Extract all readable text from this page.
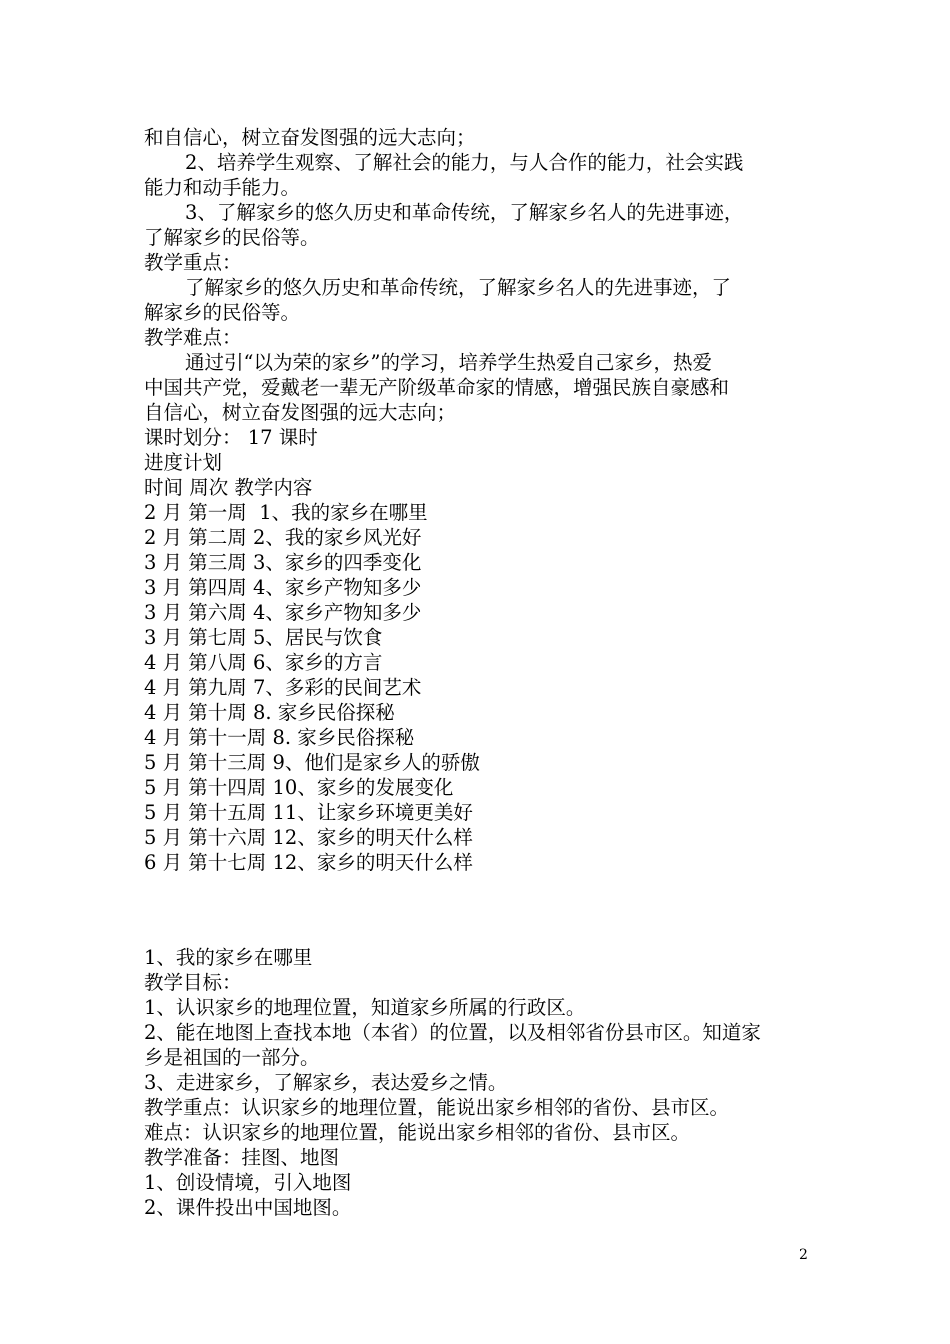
和自信心，树立奋发图强的远大志向；
2、培养学生观察、了解社会的能力，与人合作的能力，社会实践
能力和动手能力。
3、了解家乡的悠久历史和革命传统，了解家乡名人的先进事迹，
了解家乡的民俗等。
教学重点：
了解家乡的悠久历史和革命传统，了解家乡名人的先进事迹，了
解家乡的民俗等。
教学难点：
通过引“以为荣的家乡”的学习，培养学生热爱自己家乡，热爱
中国共产党，爱戴老一辈无产阶级革命家的情感，增强民族自豪感和
自信心，树立奋发图强的远大志向；
课时划分： 17 课时
进度计划
时间 周次 教学内容
2 月 第一周  1、我的家乡在哪里
2 月 第二周 2、我的家乡风光好
3 月 第三周 3、家乡的四季变化
3 月 第四周 4、家乡产物知多少
3 月 第六周 4、家乡产物知多少
3 月 第七周 5、居民与饮食
4 月 第八周 6、家乡的方言
4 月 第九周 7、多彩的民间艺术
4 月 第十周 8. 家乡民俗探秘
4 月 第十一周 8. 家乡民俗探秘
5 月 第十三周 9、他们是家乡人的骄傲
5 月 第十四周 10、家乡的发展变化
5 月 第十五周 11、让家乡环境更美好
5 月 第十六周 12、家乡的明天什么样
6 月 第十七周 12、家乡的明天什么样
1、我的家乡在哪里
教学目标：
1、认识家乡的地理位置，知道家乡所属的行政区。
2、能在地图上查找本地（本省）的位置，以及相邻省份县市区。知道家
乡是祖国的一部分。
3、走进家乡，了解家乡，表达爱乡之情。
教学重点：认识家乡的地理位置，能说出家乡相邻的省份、县市区。
难点：认识家乡的地理位置，能说出家乡相邻的省份、县市区。
教学准备：挂图、地图
1、创设情境，引入地图
2、课件投出中国地图。
2
